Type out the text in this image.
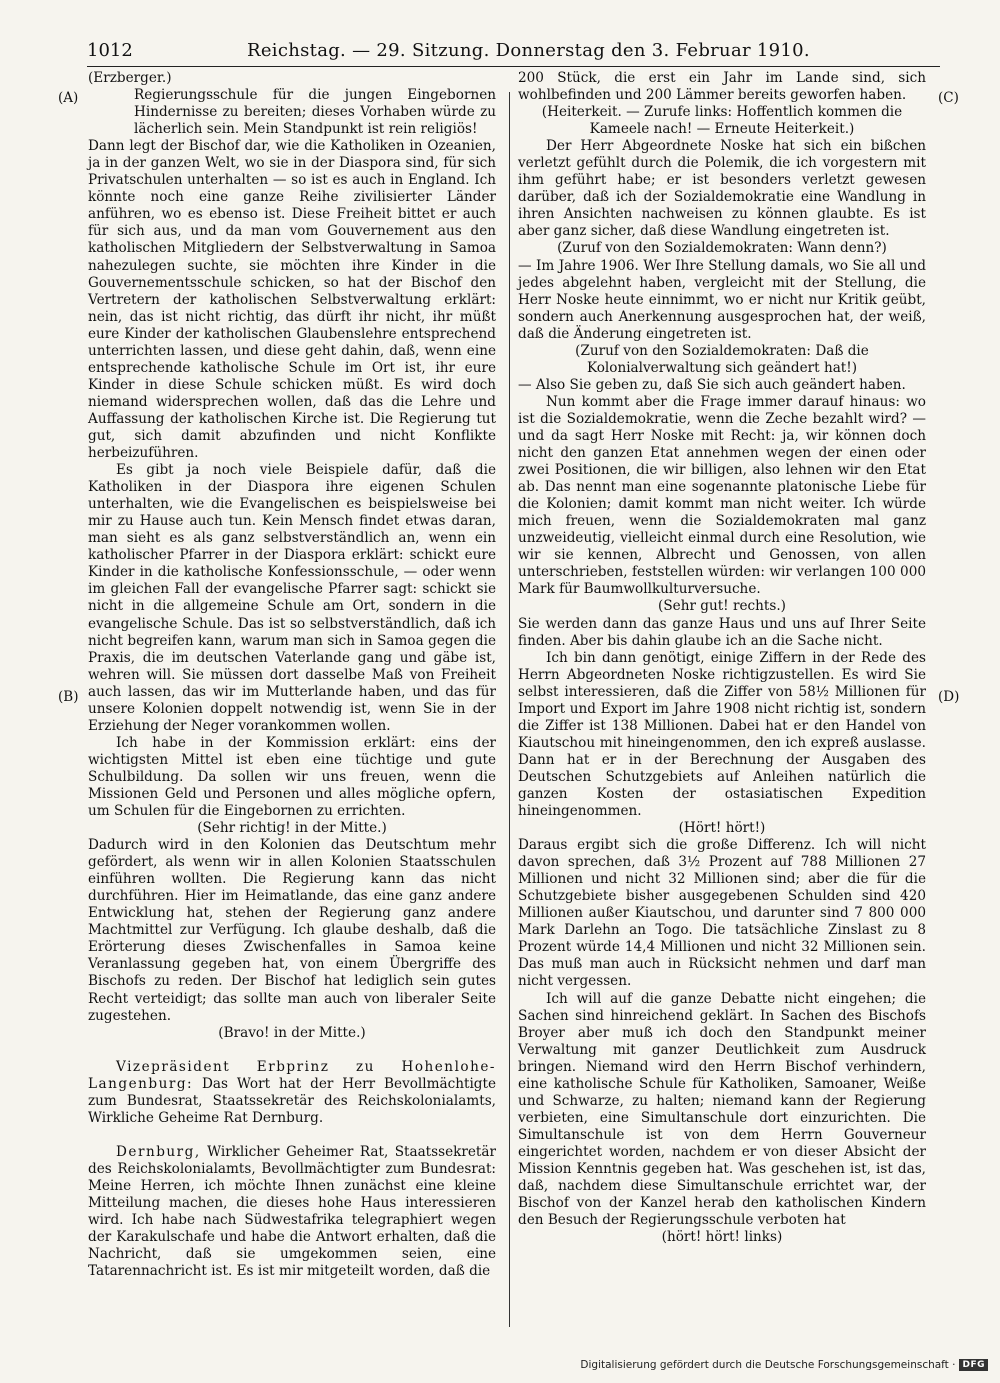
1012	Reichstag. — 29. Sitzung. Donnerstag den 3. Februar 1910.
(A)
(B)
(C)
(D)

(Erzberger.)

Regierungsschule für die jungen Eingebornen Hindernisse zu bereiten; dieses Vorhaben würde zu lächerlich sein. Mein Standpunkt ist rein religiös!

Dann legt der Bischof dar, wie die Katholiken in Ozeanien, ja in der ganzen Welt, wo sie in der Diaspora sind, für sich Privatschulen unterhalten — so ist es auch in England. Ich könnte noch eine ganze Reihe zivilisierter Länder anführen, wo es ebenso ist. Diese Freiheit bittet er auch für sich aus, und da man vom Gouvernement aus den katholischen Mitgliedern der Selbstverwaltung in Samoa nahezulegen suchte, sie möchten ihre Kinder in die Gouvernementsschule schicken, so hat der Bischof den Vertretern der katholischen Selbstverwaltung erklärt: nein, das ist nicht richtig, das dürft ihr nicht, ihr müßt eure Kinder der katholischen Glaubenslehre entsprechend unterrichten lassen, und diese geht dahin, daß, wenn eine entsprechende katholische Schule im Ort ist, ihr eure Kinder in diese Schule schicken müßt. Es wird doch niemand widersprechen wollen, daß das die Lehre und Auffassung der katholischen Kirche ist. Die Regierung tut gut, sich damit abzufinden und nicht Konflikte herbeizuführen.

Es gibt ja noch viele Beispiele dafür, daß die Katholiken in der Diaspora ihre eigenen Schulen unterhalten, wie die Evangelischen es beispielsweise bei mir zu Hause auch tun. Kein Mensch findet etwas daran, man sieht es als ganz selbstverständlich an, wenn ein katholischer Pfarrer in der Diaspora erklärt: schickt eure Kinder in die katholische Konfessionsschule, — oder wenn im gleichen Fall der evangelische Pfarrer sagt: schickt sie nicht in die allgemeine Schule am Ort, sondern in die evangelische Schule. Das ist so selbstverständlich, daß ich nicht begreifen kann, warum man sich in Samoa gegen die Praxis, die im deutschen Vaterlande gang und gäbe ist, wehren will. Sie müssen dort dasselbe Maß von Freiheit auch lassen, das wir im Mutterlande haben, und das für unsere Kolonien doppelt notwendig ist, wenn Sie in der Erziehung der Neger vorankommen wollen.

Ich habe in der Kommission erklärt: eins der wichtigsten Mittel ist eben eine tüchtige und gute Schulbildung. Da sollen wir uns freuen, wenn die Missionen Geld und Personen und alles mögliche opfern, um Schulen für die Eingebornen zu errichten.

(Sehr richtig! in der Mitte.)

Dadurch wird in den Kolonien das Deutschtum mehr gefördert, als wenn wir in allen Kolonien Staatsschulen einführen wollten. Die Regierung kann das nicht durchführen. Hier im Heimatlande, das eine ganz andere Entwicklung hat, stehen der Regierung ganz andere Machtmittel zur Verfügung. Ich glaube deshalb, daß die Erörterung dieses Zwischenfalles in Samoa keine Veranlassung gegeben hat, von einem Übergriffe des Bischofs zu reden. Der Bischof hat lediglich sein gutes Recht verteidigt; das sollte man auch von liberaler Seite zugestehen.

(Bravo! in der Mitte.)

Vizepräsident Erbprinz zu Hohenlohe-Langenburg: Das Wort hat der Herr Bevollmächtigte zum Bundesrat, Staatssekretär des Reichskolonialamts, Wirkliche Geheime Rat Dernburg.

Dernburg, Wirklicher Geheimer Rat, Staatssekretär des Reichskolonialamts, Bevollmächtigter zum Bundesrat: Meine Herren, ich möchte Ihnen zunächst eine kleine Mitteilung machen, die dieses hohe Haus interessieren wird. Ich habe nach Südwestafrika telegraphiert wegen der Karakulschafe und habe die Antwort erhalten, daß die Nachricht, daß sie umgekommen seien, eine Tatarennachricht ist. Es ist mir mitgeteilt worden, daß die

200 Stück, die erst ein Jahr im Lande sind, sich wohlbefinden und 200 Lämmer bereits geworfen haben.

(Heiterkeit. — Zurufe links: Hoffentlich kommen die Kameele nach! — Erneute Heiterkeit.)

Der Herr Abgeordnete Noske hat sich ein bißchen verletzt gefühlt durch die Polemik, die ich vorgestern mit ihm geführt habe; er ist besonders verletzt gewesen darüber, daß ich der Sozialdemokratie eine Wandlung in ihren Ansichten nachweisen zu können glaubte. Es ist aber ganz sicher, daß diese Wandlung eingetreten ist.

(Zuruf von den Sozialdemokraten: Wann denn?)

— Im Jahre 1906. Wer Ihre Stellung damals, wo Sie all und jedes abgelehnt haben, vergleicht mit der Stellung, die Herr Noske heute einnimmt, wo er nicht nur Kritik geübt, sondern auch Anerkennung ausgesprochen hat, der weiß, daß die Änderung eingetreten ist.

(Zuruf von den Sozialdemokraten: Daß die Kolonialverwaltung sich geändert hat!)

— Also Sie geben zu, daß Sie sich auch geändert haben.

Nun kommt aber die Frage immer darauf hinaus: wo ist die Sozialdemokratie, wenn die Zeche bezahlt wird? — und da sagt Herr Noske mit Recht: ja, wir können doch nicht den ganzen Etat annehmen wegen der einen oder zwei Positionen, die wir billigen, also lehnen wir den Etat ab. Das nennt man eine sogenannte platonische Liebe für die Kolonien; damit kommt man nicht weiter. Ich würde mich freuen, wenn die Sozialdemokraten mal ganz unzweideutig, vielleicht einmal durch eine Resolution, wie wir sie kennen, Albrecht und Genossen, von allen unterschrieben, feststellen würden: wir verlangen 100 000 Mark für Baumwollkulturversuche.

(Sehr gut! rechts.)

Sie werden dann das ganze Haus und uns auf Ihrer Seite finden. Aber bis dahin glaube ich an die Sache nicht.

Ich bin dann genötigt, einige Ziffern in der Rede des Herrn Abgeordneten Noske richtigzustellen. Es wird Sie selbst interessieren, daß die Ziffer von 58½ Millionen für Import und Export im Jahre 1908 nicht richtig ist, sondern die Ziffer ist 138 Millionen. Dabei hat er den Handel von Kiautschou mit hineingenommen, den ich expreß auslasse. Dann hat er in der Berechnung der Ausgaben des Deutschen Schutzgebiets auf Anleihen natürlich die ganzen Kosten der ostasiatischen Expedition hineingenommen.

(Hört! hört!)

Daraus ergibt sich die große Differenz. Ich will nicht davon sprechen, daß 3½ Prozent auf 788 Millionen 27 Millionen und nicht 32 Millionen sind; aber die für die Schutzgebiete bisher ausgegebenen Schulden sind 420 Millionen außer Kiautschou, und darunter sind 7 800 000 Mark Darlehn an Togo. Die tatsächliche Zinslast zu 8 Prozent würde 14,4 Millionen und nicht 32 Millionen sein. Das muß man auch in Rücksicht nehmen und darf man nicht vergessen.

Ich will auf die ganze Debatte nicht eingehen; die Sachen sind hinreichend geklärt. In Sachen des Bischofs Broyer aber muß ich doch den Standpunkt meiner Verwaltung mit ganzer Deutlichkeit zum Ausdruck bringen. Niemand wird den Herrn Bischof verhindern, eine katholische Schule für Katholiken, Samoaner, Weiße und Schwarze, zu halten; niemand kann der Regierung verbieten, eine Simultanschule dort einzurichten. Die Simultanschule ist von dem Herrn Gouverneur eingerichtet worden, nachdem er von dieser Absicht der Mission Kenntnis gegeben hat. Was geschehen ist, ist das, daß, nachdem diese Simultanschule errichtet war, der Bischof von der Kanzel herab den katholischen Kindern den Besuch der Regierungsschule verboten hat

(hört! hört! links)

Digitalisierung gefördert durch die Deutsche Forschungsgemeinschaft · DFG
